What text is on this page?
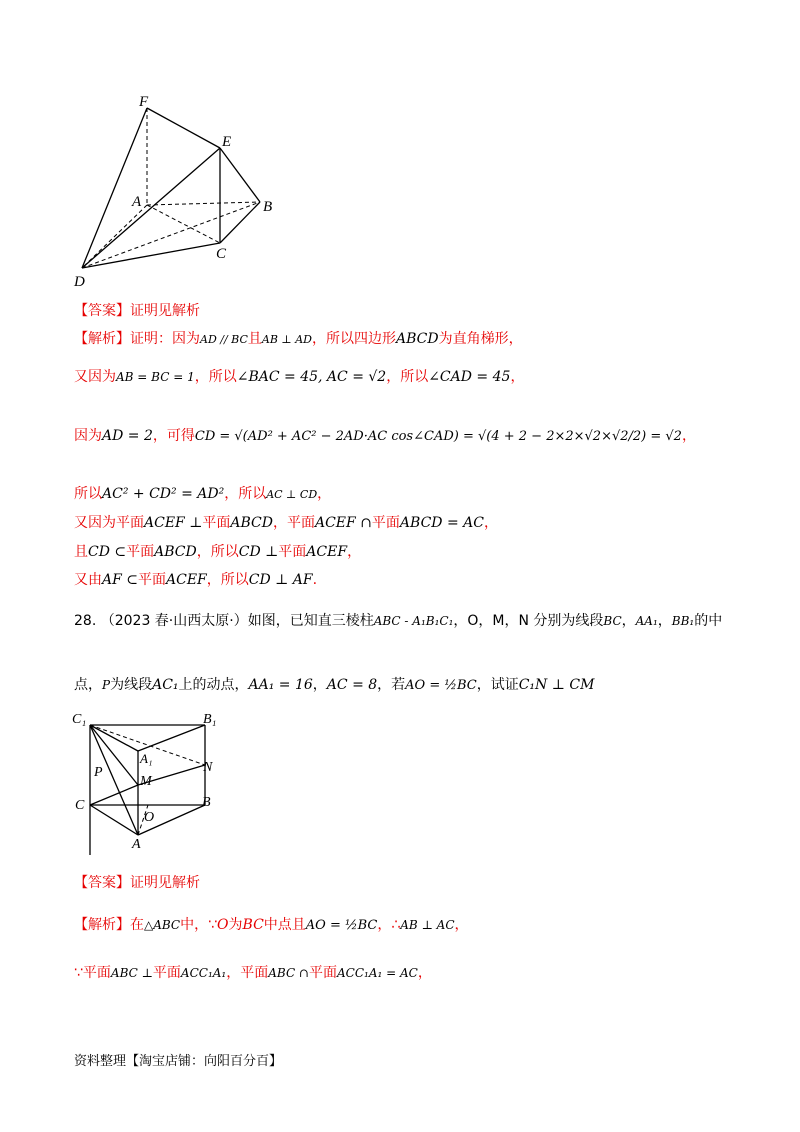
F
E
A	B
C
D
【答案】证明见解析
【解析】证明：因为AD // BC且AB ⊥ AD，所以四边形ABCD为直角梯形，
又因为AB = BC = 1，所以∠BAC = 45, AC = √2，所以∠CAD = 45，
因为AD = 2，可得CD = √(AD² + AC² − 2AD·AC cos∠CAD) = √(4 + 2 − 2×2×√2×√2/2) = √2，
所以AC² + CD² = AD²，所以AC ⊥ CD，
又因为平面ACEF ⊥平面ABCD，平面ACEF ∩平面ABCD = AC，
且CD ⊂平面ABCD，所以CD ⊥平面ACEF，
又由AF ⊂平面ACEF，所以CD ⊥ AF.
28. （2023 春·山西太原·）如图，已知直三棱柱ABC - A₁B₁C₁，O，M，N 分别为线段BC，AA₁，BB₁的中
点，P为线段AC₁上的动点，AA₁ = 16，AC = 8，若AO = ½BC，试证C₁N ⊥ CM
C₁	B₁
A₁
P
M
N
C	B
O
A
【答案】证明见解析
【解析】在△ABC中，∵O为BC中点且AO = ½BC，∴AB ⊥ AC，
∵平面ABC ⊥平面ACC₁A₁，平面ABC ∩平面ACC₁A₁ = AC，
资料整理【淘宝店铺：向阳百分百】
